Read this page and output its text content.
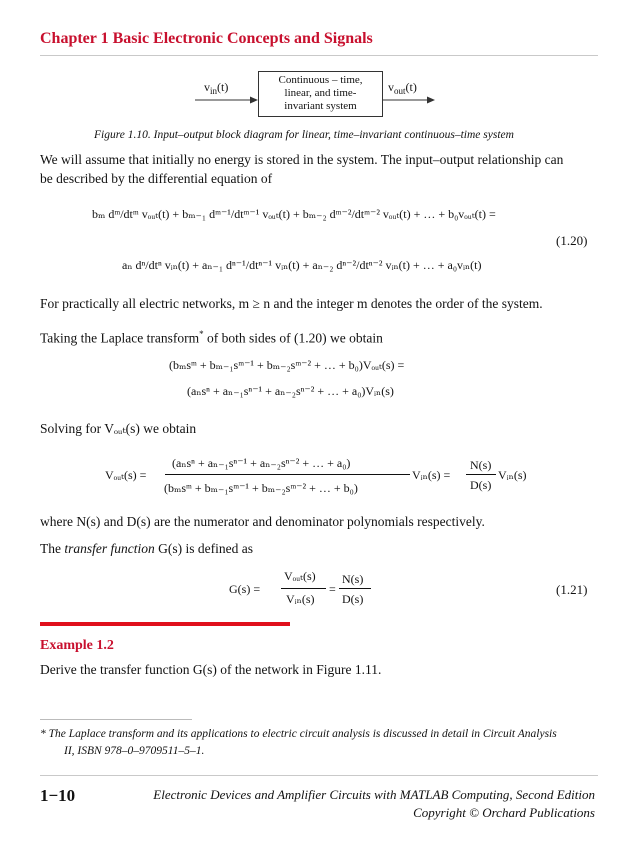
Chapter 1 Basic Electronic Concepts and Signals
$v_{in}(t)$	Continuous – time,
linear, and time-
invariant system
$v_{out}(t)$
Figure 1.10. Input–output block diagram for linear, time–invariant continuous–time system
We will assume that initially no energy is stored in the system. The input–output relationship can
be described by the differential equation of
bₘ dᵐ/dtᵐ vₒᵤₜ(t) + bₘ₋₁ dᵐ⁻¹/dtᵐ⁻¹ vₒᵤₜ(t) + bₘ₋₂ dᵐ⁻²/dtᵐ⁻² vₒᵤₜ(t) + … + b₀vₒᵤₜ(t) =
aₙ dⁿ/dtⁿ vᵢₙ(t) + aₙ₋₁ dⁿ⁻¹/dtⁿ⁻¹ vᵢₙ(t) + aₙ₋₂ dⁿ⁻²/dtⁿ⁻² vᵢₙ(t) + … + a₀vᵢₙ(t)
(1.20)
For practically all electric networks, m ≥ n and the integer m denotes the order of the system.
Taking the Laplace transform* of both sides of (1.20) we obtain
(bₘsᵐ + bₘ₋₁sᵐ⁻¹ + bₘ₋₂sᵐ⁻² + … + b₀)Vₒᵤₜ(s) =
(aₙsⁿ + aₙ₋₁sⁿ⁻¹ + aₙ₋₂sⁿ⁻² + … + a₀)Vᵢₙ(s)
Solving for Vₒᵤₜ(s) we obtain
Vₒᵤₜ(s) =
(aₙsⁿ + aₙ₋₁sⁿ⁻¹ + aₙ₋₂sⁿ⁻² + … + a₀)
(bₘsᵐ + bₘ₋₁sᵐ⁻¹ + bₘ₋₂sᵐ⁻² + … + b₀)
Vᵢₙ(s) =
N(s)
D(s)
Vᵢₙ(s)
where N(s) and D(s) are the numerator and denominator polynomials respectively.
The transfer function G(s) is defined as
G(s) =
Vₒᵤₜ(s)
Vᵢₙ(s)
=
N(s)
D(s)
(1.21)
Example 1.2
Derive the transfer function G(s) of the network in Figure 1.11.
* The Laplace transform and its applications to electric circuit analysis is discussed in detail in Circuit Analysis
II, ISBN 978–0–9709511–5–1.
1−10	Electronic Devices and Amplifier Circuits with MATLAB Computing, Second Edition
Copyright © Orchard Publications
